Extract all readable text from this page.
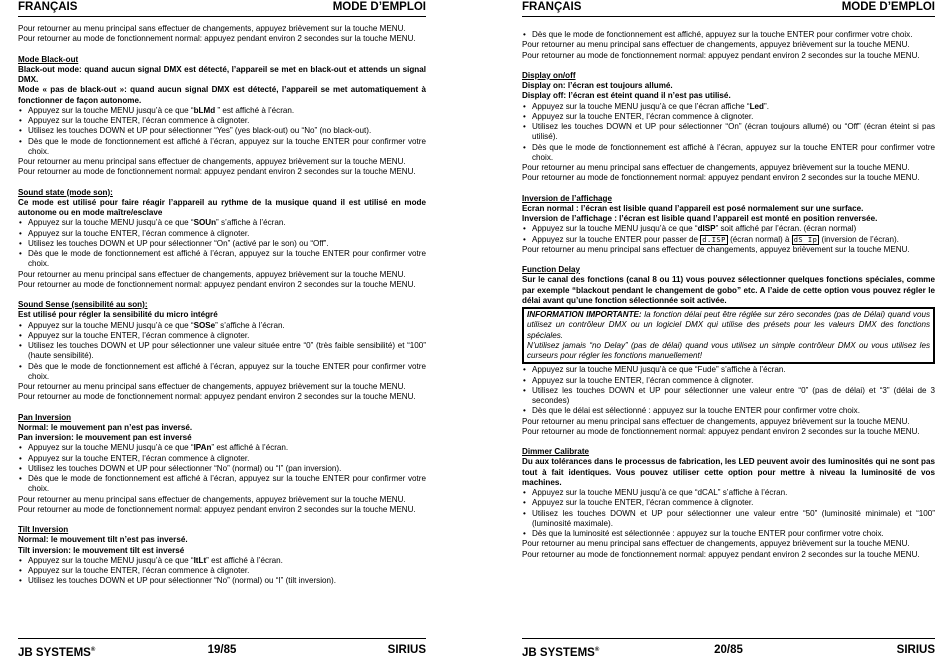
FRANÇAIS	MODE D’EMPLOI

Pour retourner au menu principal sans effectuer de changements, appuyez brièvement sur la touche MENU.

Pour retourner au mode de fonctionnement normal: appuyez pendant environ 2 secondes sur la touche MENU.

Mode Black-out

Black-out mode: quand aucun signal DMX est détecté, l’appareil se met en black-out et attends un signal DMX.

Mode « pas de black-out »: quand aucun signal DMX est détecté, l’appareil se met automatiquement à fonctionner de façon autonome.

• Appuyez sur la touche MENU jusqu’à ce que “bLMd ” est affiché à l’écran.
• Appuyez sur la touche ENTER, l’écran commence à clignoter.
• Utilisez les touches DOWN et UP pour sélectionner “Yes” (yes black-out) ou “No” (no black-out).
• Dès que le mode de fonctionnement est affiché à l’écran, appuyez sur la touche ENTER pour confirmer votre choix.

Pour retourner au menu principal sans effectuer de changements, appuyez brièvement sur la touche MENU.

Pour retourner au mode de fonctionnement normal: appuyez pendant environ 2 secondes sur la touche MENU.

Sound state (mode son):

Ce mode est utilisé pour faire réagir l’appareil au rythme de la musique quand il est utilisé en mode autonome ou en mode maître/esclave

• Appuyez sur la touche MENU jusqu’à ce que “SOUn” s’affiche à l’écran.
• Appuyez sur la touche ENTER, l’écran commence à clignoter.
• Utilisez les touches DOWN et UP pour sélectionner “On” (activé par le son) ou “Off”.
• Dès que le mode de fonctionnement est affiché à l’écran, appuyez sur la touche ENTER pour confirmer votre choix.

Pour retourner au menu principal sans effectuer de changements, appuyez brièvement sur la touche MENU.

Pour retourner au mode de fonctionnement normal: appuyez pendant environ 2 secondes sur la touche MENU.

Sound Sense (sensibilité au son):

Est utilisé pour régler la sensibilité du micro intégré

• Appuyez sur la touche MENU jusqu’à ce que “SOSe” s’affiche à l’écran.
• Appuyez sur la touche ENTER, l’écran commence à clignoter.
• Utilisez les touches DOWN et UP pour sélectionner une valeur située entre “0” (très faible sensibilité) et “100” (haute sensibilité).
• Dès que le mode de fonctionnement est affiché à l’écran, appuyez sur la touche ENTER pour confirmer votre choix.

Pour retourner au menu principal sans effectuer de changements, appuyez brièvement sur la touche MENU.

Pour retourner au mode de fonctionnement normal: appuyez pendant environ 2 secondes sur la touche MENU.

Pan Inversion

Normal: le mouvement pan n’est pas inversé.

Pan inversion: le mouvement pan est inversé

• Appuyez sur la touche MENU jusqu’à ce que “IPAn” est affiché à l’écran.
• Appuyez sur la touche ENTER, l’écran commence à clignoter.
• Utilisez les touches DOWN et UP pour sélectionner “No” (normal) ou “I” (pan inversion).
• Dès que le mode de fonctionnement est affiché à l’écran, appuyez sur la touche ENTER pour confirmer votre choix.

Pour retourner au menu principal sans effectuer de changements, appuyez brièvement sur la touche MENU.

Pour retourner au mode de fonctionnement normal: appuyez pendant environ 2 secondes sur la touche MENU.

Tilt Inversion

Normal: le mouvement tilt n’est pas inversé.

Tilt inversion: le mouvement tilt est inversé

• Appuyez sur la touche MENU jusqu’à ce que “ItLt” est affiché à l’écran.
• Appuyez sur la touche ENTER, l’écran commence à clignoter.
• Utilisez les touches DOWN et UP pour sélectionner “No” (normal) ou “I” (tilt inversion).
JB SYSTEMS®	19/85	SIRIUS
FRANÇAIS	MODE D’EMPLOI
• Dès que le mode de fonctionnement est affiché, appuyez sur la touche ENTER pour confirmer votre choix.

Pour retourner au menu principal sans effectuer de changements, appuyez brièvement sur la touche MENU.

Pour retourner au mode de fonctionnement normal: appuyez pendant environ 2 secondes sur la touche MENU.

Display on/off

Display on: l’écran est toujours allumé.

Display off: l’écran est éteint quand il n’est pas utilisé.

• Appuyez sur la touche MENU jusqu’à ce que l’écran affiche “Led”.
• Appuyez sur la touche ENTER, l’écran commence à clignoter.
• Utilisez les touches DOWN et UP pour sélectionner “On” (écran toujours allumé) ou “Off” (écran éteint si pas utilisé).
• Dès que le mode de fonctionnement est affiché à l’écran, appuyez sur la touche ENTER pour confirmer votre choix.

Pour retourner au menu principal sans effectuer de changements, appuyez brièvement sur la touche MENU.

Pour retourner au mode de fonctionnement normal: appuyez pendant environ 2 secondes sur la touche MENU.

Inversion de l’affichage

Ecran normal : l’écran est lisible quand l’appareil est posé normalement sur une surface.

Inversion de l’affichage : l’écran est lisible quand l’appareil est monté en position renversée.

• Appuyez sur la touche MENU jusqu’à ce que “dISP” soit affiché par l’écran. (écran normal)
• Appuyez sur la touche ENTER pour passer de d.ISP (écran normal) à dS Ip (inversion de l’écran).

Pour retourner au menu principal sans effectuer de changements, appuyez brièvement sur la touche MENU.

Function Delay

Sur le canal des fonctions (canal 8 ou 11) vous pouvez sélectionner quelques fonctions spéciales, comme par exemple “blackout pendant le changement de gobo” etc. A l’aide de cette option vous pouvez régler le délai avant qu’une fonction sélectionnée soit activée.

INFORMATION IMPORTANTE: la fonction délai peut être réglée sur zéro secondes (pas de Délai) quand vous utilisez un contrôleur DMX ou un logiciel DMX qui utilise des présets pour les valeurs DMX des fonctions spéciales.

N’utilisez jamais “no Delay” (pas de délai) quand vous utilisez un simple contrôleur DMX ou vous utilisez les curseurs pour régler les fonctions manuellement!

• Appuyez sur la touche MENU jusqu’à ce que “Fude” s’affiche à l’écran.
• Appuyez sur la touche ENTER, l’écran commence à clignoter.
• Utilisez les touches DOWN et UP pour sélectionner une valeur entre “0” (pas de délai) et “3” (délai de 3 secondes)
• Dès que le délai est sélectionné : appuyez sur la touche ENTER pour confirmer votre choix.

Pour retourner au menu principal sans effectuer de changements, appuyez brièvement sur la touche MENU.

Pour retourner au mode de fonctionnement normal: appuyez pendant environ 2 secondes sur la touche MENU.

Dimmer Calibrate

Du aux tolérances dans le processus de fabrication, les LED peuvent avoir des luminosités qui ne sont pas tout à fait identiques. Vous pouvez utiliser cette option pour mettre à niveau la luminosité de vos machines.

• Appuyez sur la touche MENU jusqu’à ce que “dCAL” s’affiche à l’écran.
• Appuyez sur la touche ENTER, l’écran commence à clignoter.
• Utilisez les touches DOWN et UP pour sélectionner une valeur entre “50” (luminosité minimale) et “100” (luminosité maximale).
• Dès que la luminosité est sélectionnée : appuyez sur la touche ENTER pour confirmer votre choix.

Pour retourner au menu principal sans effectuer de changements, appuyez brièvement sur la touche MENU.

Pour retourner au mode de fonctionnement normal: appuyez pendant environ 2 secondes sur la touche MENU.

JB SYSTEMS®	20/85	SIRIUS
